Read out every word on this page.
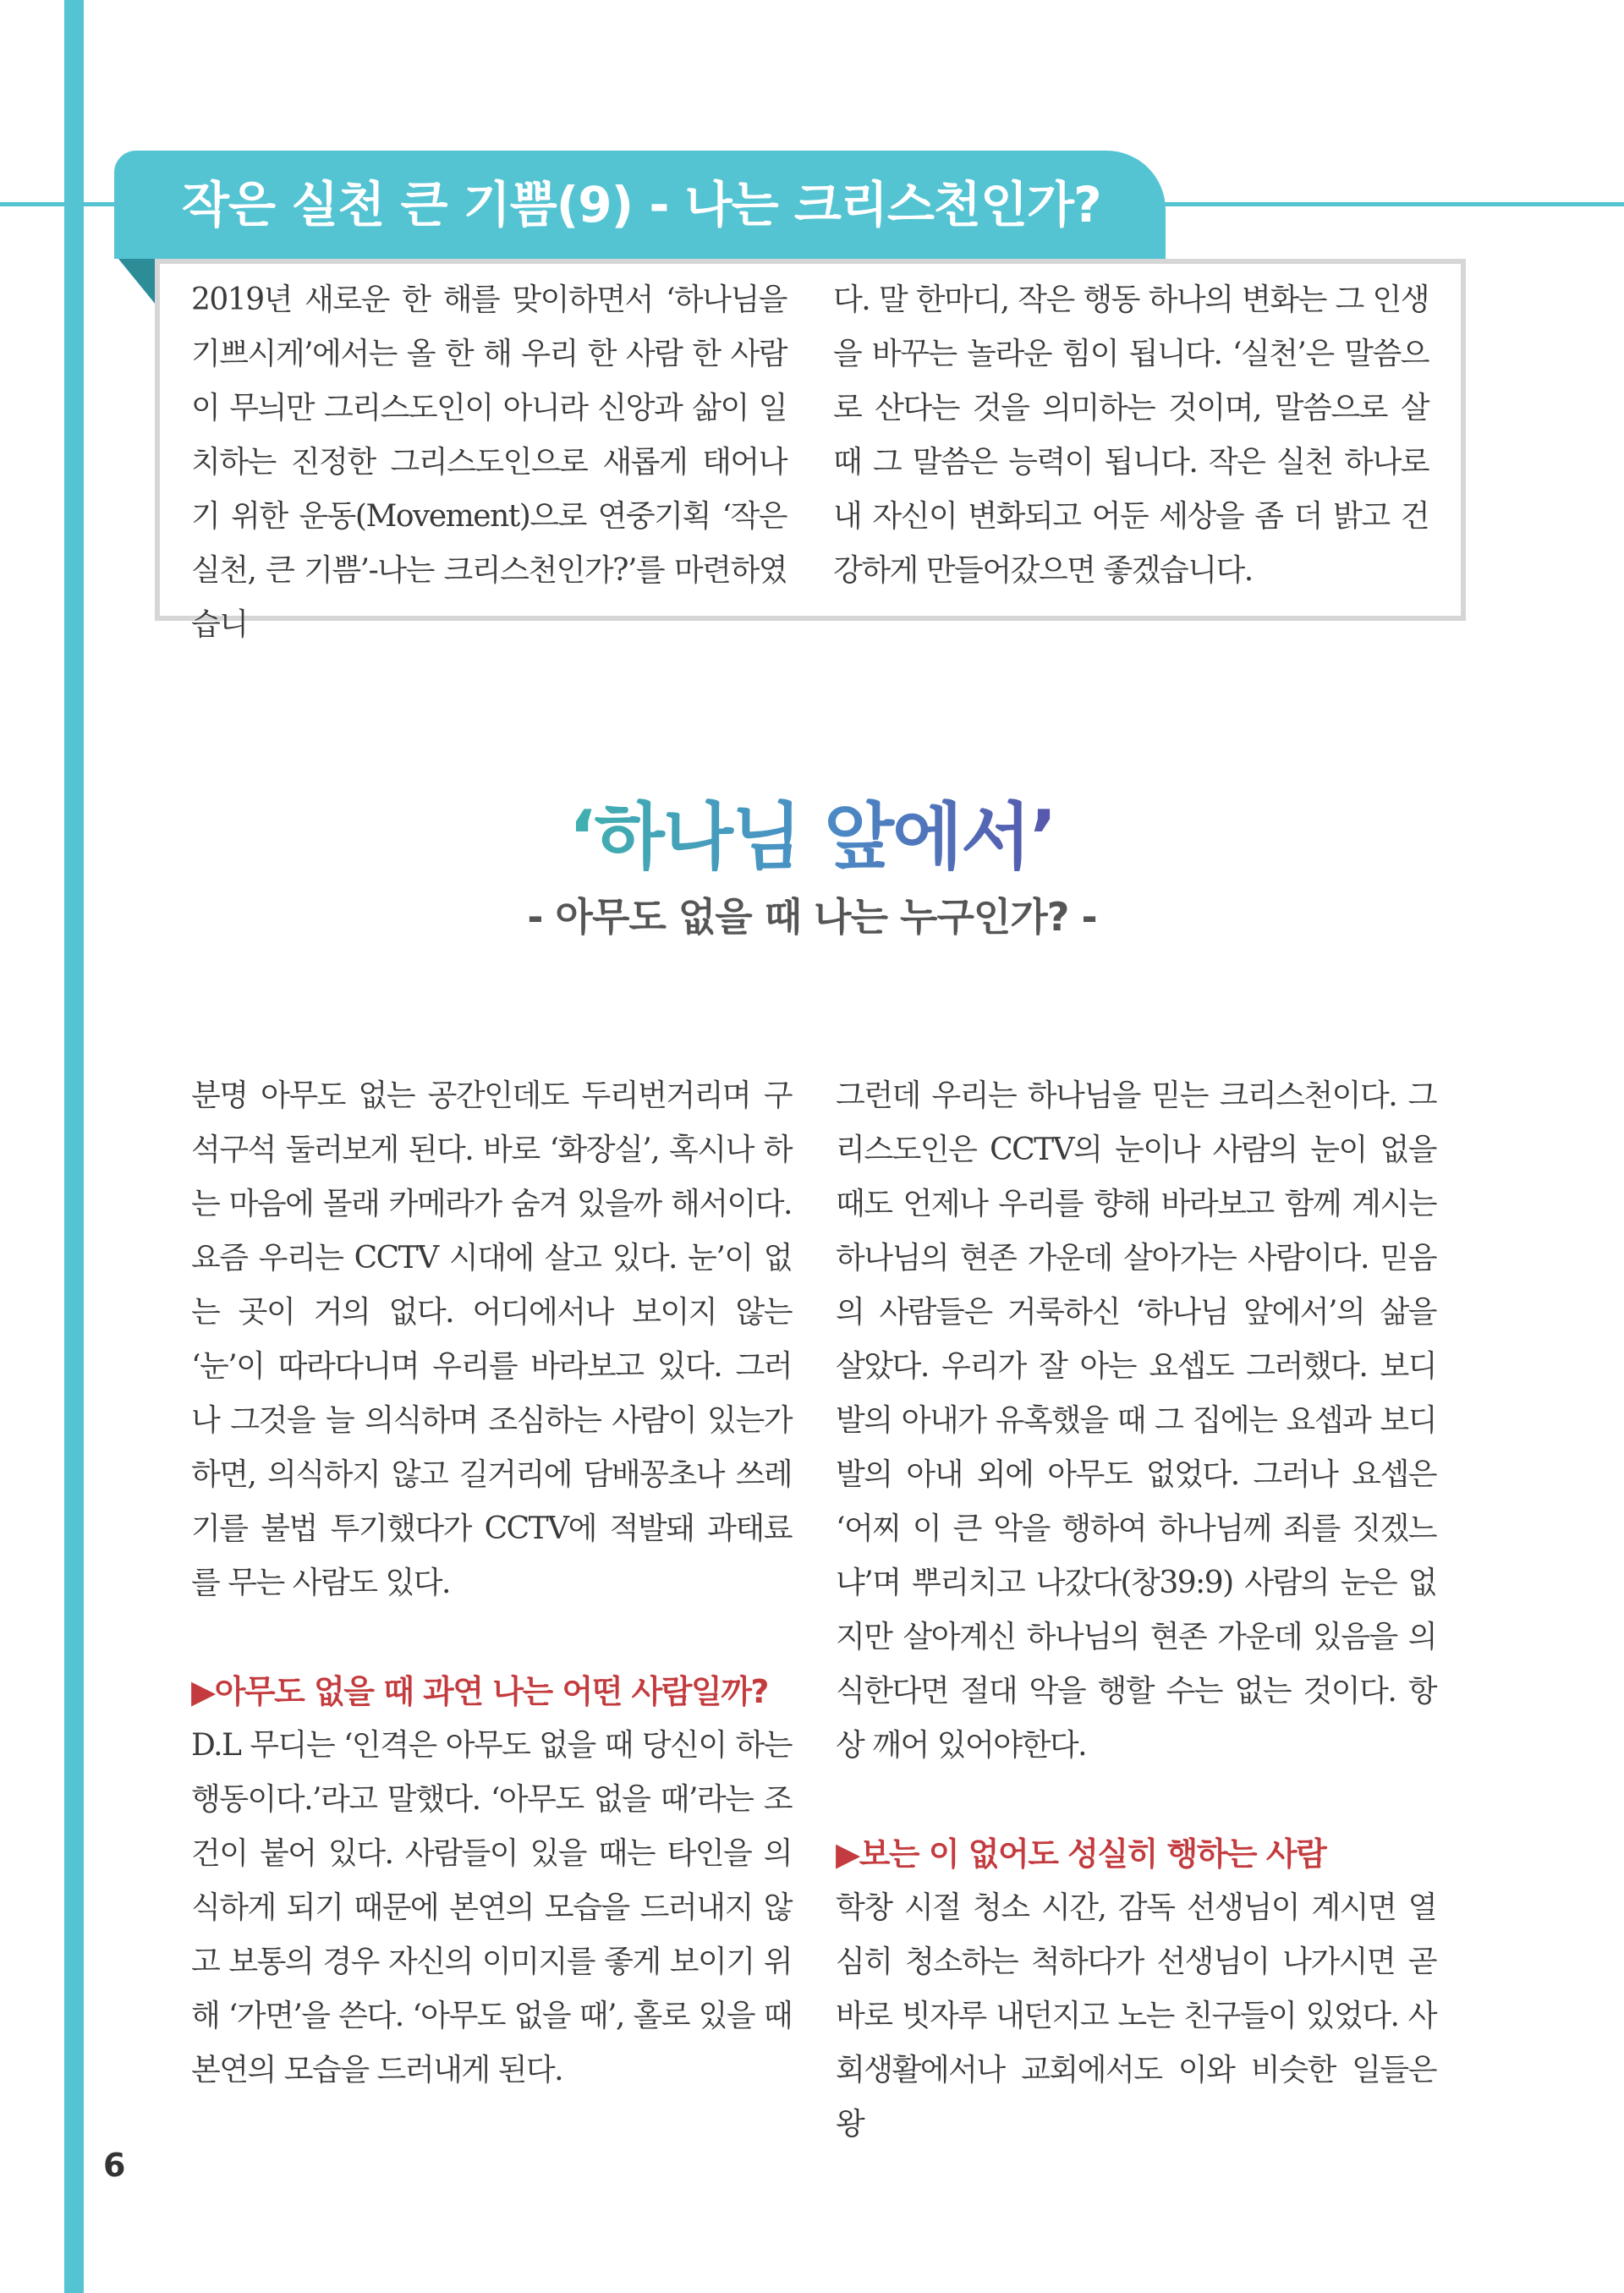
작은 실천 큰 기쁨(9) - 나는 크리스천인가?

2019년 새로운 한 해를 맞이하면서 ‘하나님을 기쁘시게’에서는 올 한 해 우리 한 사람 한 사람이 무늬만 그리스도인이 아니라 신앙과 삶이 일치하는 진정한 그리스도인으로 새롭게 태어나기 위한 운동(Movement)으로 연중기획 ‘작은 실천, 큰 기쁨’-나는 크리스천인가?’를 마련하였습니

다. 말 한마디, 작은 행동 하나의 변화는 그 인생을 바꾸는 놀라운 힘이 됩니다. ‘실천’은 말씀으로 산다는 것을 의미하는 것이며, 말씀으로 살 때 그 말씀은 능력이 됩니다. 작은 실천 하나로 내 자신이 변화되고 어둔 세상을 좀 더 밝고 건강하게 만들어갔으면 좋겠습니다.

‘하나님 앞에서’
- 아무도 없을 때 나는 누구인가? -
분명 아무도 없는 공간인데도 두리번거리며 구석구석 둘러보게 된다. 바로 ‘화장실’, 혹시나 하는 마음에 몰래 카메라가 숨겨 있을까 해서이다. 요즘 우리는 CCTV 시대에 살고 있다. 눈’이 없는 곳이 거의 없다. 어디에서나 보이지 않는 ‘눈’이 따라다니며 우리를 바라보고 있다. 그러나 그것을 늘 의식하며 조심하는 사람이 있는가 하면, 의식하지 않고 길거리에 담배꽁초나 쓰레기를 불법 투기했다가 CCTV에 적발돼 과태료를 무는 사람도 있다.
▶아무도 없을 때 과연 나는 어떤 사람일까?
D.L 무디는 ‘인격은 아무도 없을 때 당신이 하는 행동이다.’라고 말했다. ‘아무도 없을 때’라는 조건이 붙어 있다. 사람들이 있을 때는 타인을 의식하게 되기 때문에 본연의 모습을 드러내지 않고 보통의 경우 자신의 이미지를 좋게 보이기 위해 ‘가면’을 쓴다. ‘아무도 없을 때’, 홀로 있을 때 본연의 모습을 드러내게 된다.
그런데 우리는 하나님을 믿는 크리스천이다. 그리스도인은 CCTV의 눈이나 사람의 눈이 없을 때도 언제나 우리를 향해 바라보고 함께 계시는 하나님의 현존 가운데 살아가는 사람이다. 믿음의 사람들은 거룩하신 ‘하나님 앞에서’의 삶을 살았다. 우리가 잘 아는 요셉도 그러했다. 보디발의 아내가 유혹했을 때 그 집에는 요셉과 보디발의 아내 외에 아무도 없었다. 그러나 요셉은 ‘어찌 이 큰 악을 행하여 하나님께 죄를 짓겠느냐’며 뿌리치고 나갔다(창39:9) 사람의 눈은 없지만 살아계신 하나님의 현존 가운데 있음을 의식한다면 절대 악을 행할 수는 없는 것이다. 항상 깨어 있어야한다.
▶보는 이 없어도 성실히 행하는 사람
학창 시절 청소 시간, 감독 선생님이 계시면 열심히 청소하는 척하다가 선생님이 나가시면 곧바로 빗자루 내던지고 노는 친구들이 있었다. 사회생활에서나 교회에서도 이와 비슷한 일들은 왕
6
